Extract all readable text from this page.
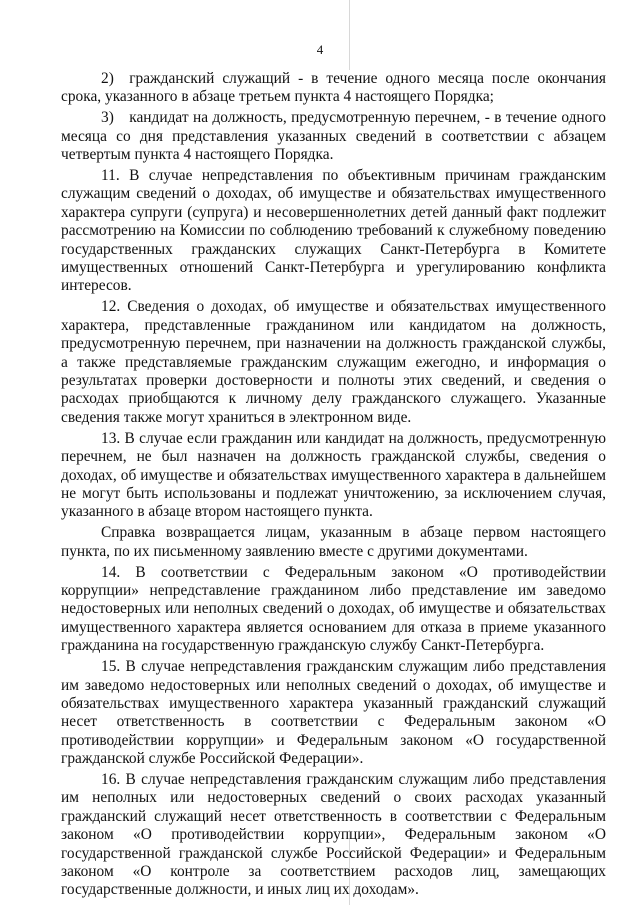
4

2) гражданский служащий - в течение одного месяца после окончания срока, указанного в абзаце третьем пункта 4 настоящего Порядка;

3) кандидат на должность, предусмотренную перечнем, - в течение одного месяца со дня представления указанных сведений в соответствии с абзацем четвертым пункта 4 настоящего Порядка.

11. В случае непредставления по объективным причинам гражданским служащим сведений о доходах, об имуществе и обязательствах имущественного характера супруги (супруга) и несовершеннолетних детей данный факт подлежит рассмотрению на Комиссии по соблюдению требований к служебному поведению государственных гражданских служащих Санкт-Петербурга в Комитете имущественных отношений Санкт-Петербурга и урегулированию конфликта интересов.

12. Сведения о доходах, об имуществе и обязательствах имущественного характера, представленные гражданином или кандидатом на должность, предусмотренную перечнем, при назначении на должность гражданской службы, а также представляемые гражданским служащим ежегодно, и информация о результатах проверки достоверности и полноты этих сведений, и сведения о расходах приобщаются к личному делу гражданского служащего. Указанные сведения также могут храниться в электронном виде.

13. В случае если гражданин или кандидат на должность, предусмотренную перечнем, не был назначен на должность гражданской службы, сведения о доходах, об имуществе и обязательствах имущественного характера в дальнейшем не могут быть использованы и подлежат уничтожению, за исключением случая, указанного в абзаце втором настоящего пункта.

Справка возвращается лицам, указанным в абзаце первом настоящего пункта, по их письменному заявлению вместе с другими документами.

14. В соответствии с Федеральным законом «О противодействии коррупции» непредставление гражданином либо представление им заведомо недостоверных или неполных сведений о доходах, об имуществе и обязательствах имущественного характера является основанием для отказа в приеме указанного гражданина на государственную гражданскую службу Санкт-Петербурга.

15. В случае непредставления гражданским служащим либо представления им заведомо недостоверных или неполных сведений о доходах, об имуществе и обязательствах имущественного характера указанный гражданский служащий несет ответственность в соответствии с Федеральным законом «О противодействии коррупции» и Федеральным законом «О государственной гражданской службе Российской Федерации».

16. В случае непредставления гражданским служащим либо представления им неполных или недостоверных сведений о своих расходах указанный гражданский служащий несет ответственность в соответствии с Федеральным законом «О противодействии коррупции», Федеральным законом «О государственной гражданской службе Российской Федерации» и Федеральным законом «О контроле за соответствием расходов лиц, замещающих государственные должности, и иных лиц их доходам».
